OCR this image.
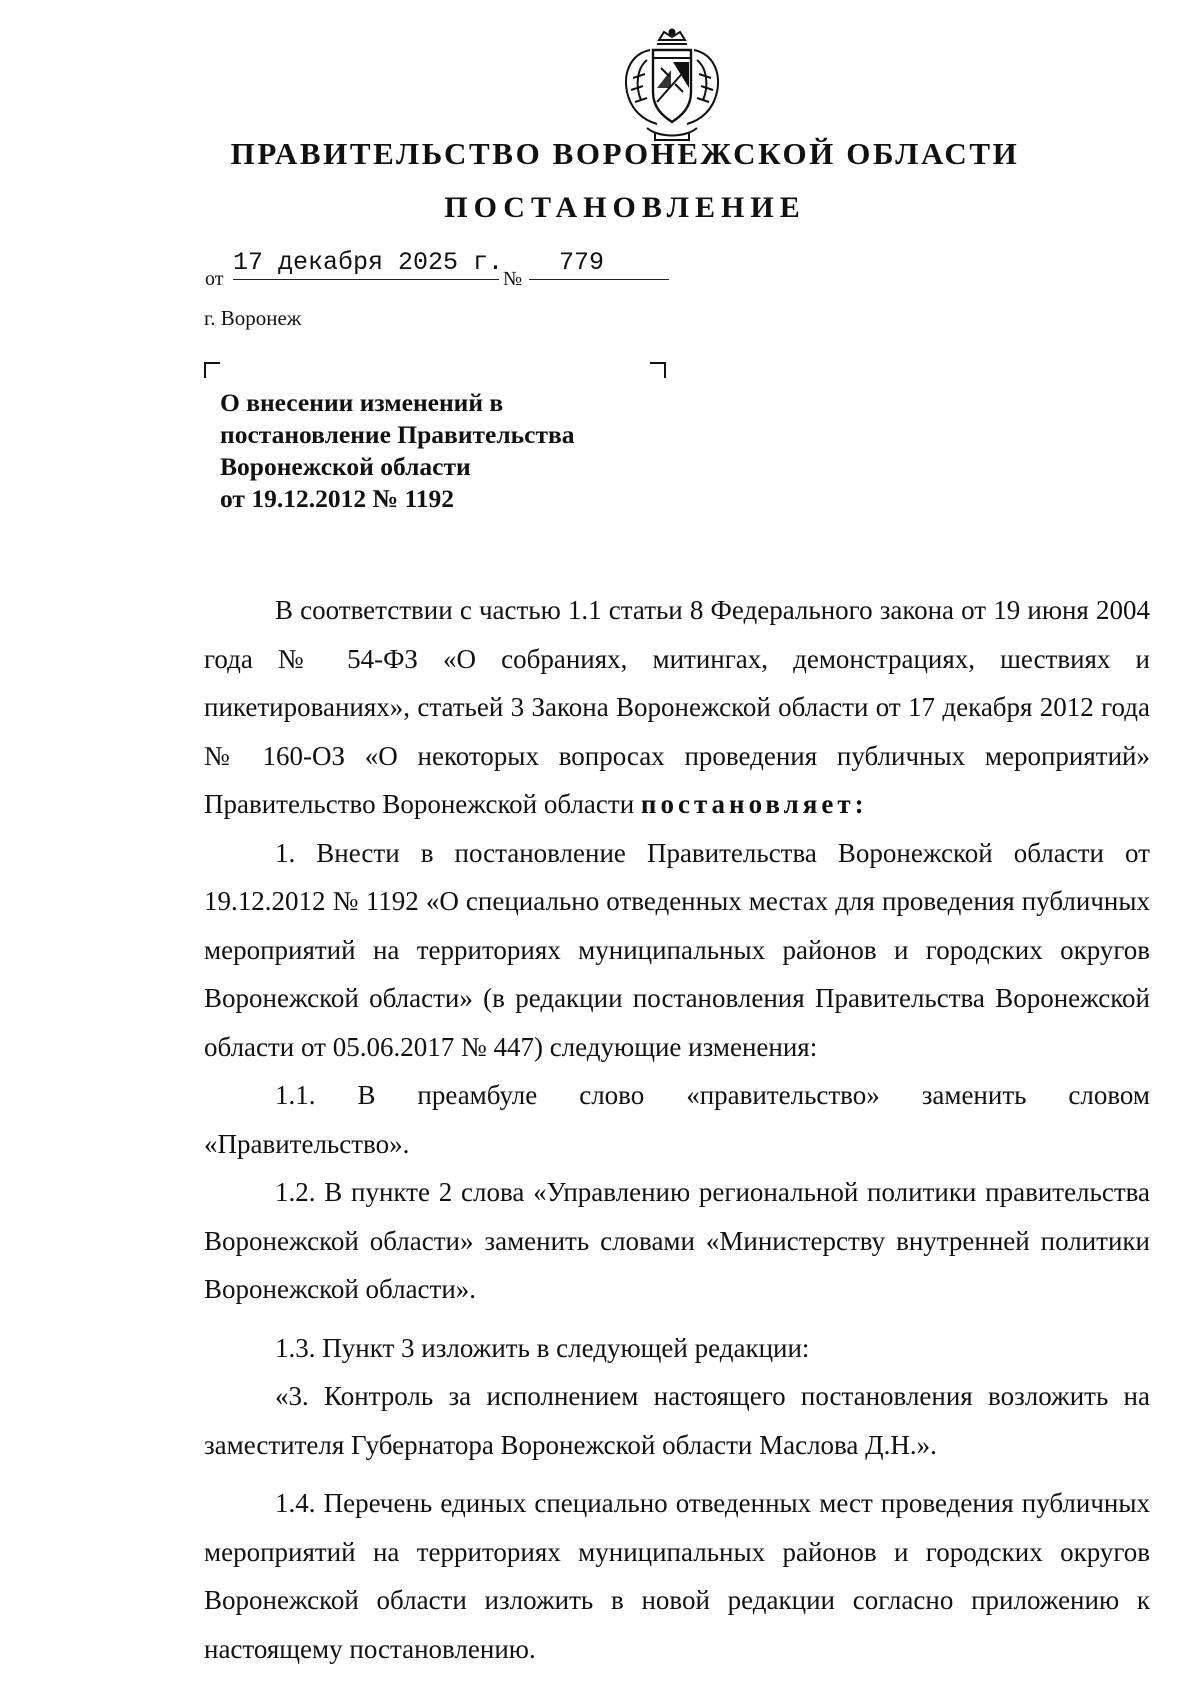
ПРАВИТЕЛЬСТВО ВОРОНЕЖСКОЙ ОБЛАСТИ
ПОСТАНОВЛЕНИЕ
от
17 декабря 2025 г.
№
779
г. Воронеж
О внесении изменений в
постановление Правительства
Воронежской области
от 19.12.2012 № 1192

В соответствии с частью 1.1 статьи 8 Федерального закона от 19 июня 2004 года № 54-ФЗ «О собраниях, митингах, демонстрациях, шествиях и пикетированиях», статьей 3 Закона Воронежской области от 17 декабря 2012 года № 160-ОЗ «О некоторых вопросах проведения публичных мероприятий» Правительство Воронежской области постановляет:

1. Внести в постановление Правительства Воронежской области от 19.12.2012 № 1192 «О специально отведенных местах для проведения публичных мероприятий на территориях муниципальных районов и городских округов Воронежской области» (в редакции постановления Правительства Воронежской области от 05.06.2017 № 447) следующие изменения:

1.1. В преамбуле слово «правительство» заменить словом «Правительство».

1.2. В пункте 2 слова «Управлению региональной политики правительства Воронежской области» заменить словами «Министерству внутренней политики Воронежской области».

1.3. Пункт 3 изложить в следующей редакции:

«3. Контроль за исполнением настоящего постановления возложить на заместителя Губернатора Воронежской области Маслова Д.Н.».

1.4. Перечень единых специально отведенных мест проведения публичных мероприятий на территориях муниципальных районов и городских округов Воронежской области изложить в новой редакции согласно приложению к настоящему постановлению.
